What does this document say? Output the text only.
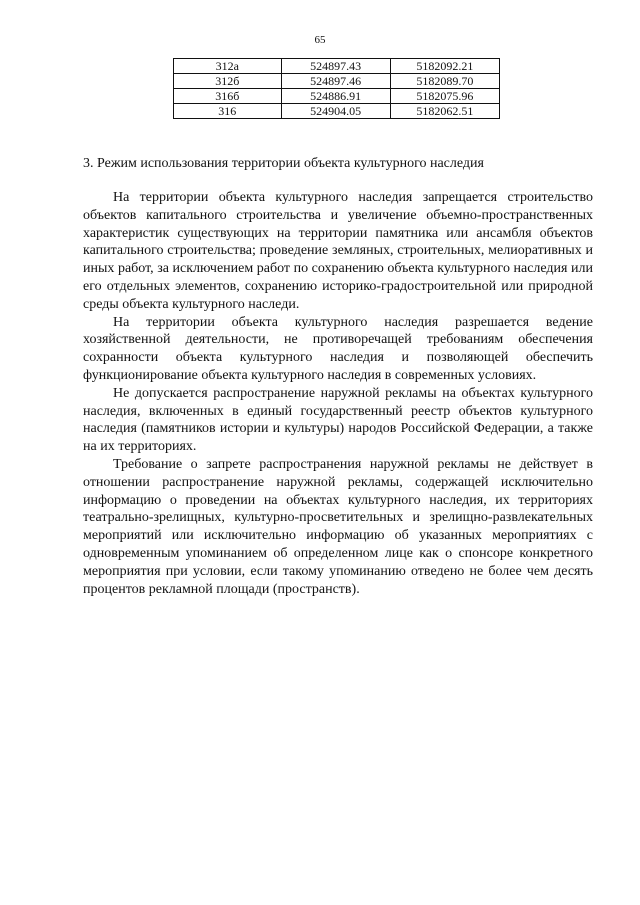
65
312а	524897.43	5182092.21
312б	524897.46	5182089.70
316б	524886.91	5182075.96
316	524904.05	5182062.51
3. Режим использования территории объекта культурного наследия

На территории объекта культурного наследия запрещается строительство объектов капитального строительства и увеличение объемно-пространственных характеристик существующих на территории памятника или ансамбля объектов капитального строительства; проведение земляных, строительных, мелиоративных и иных работ, за исключением работ по сохранению объекта культурного наследия или его отдельных элементов, сохранению историко-градостроительной или природной среды объекта культурного наследи.

На территории объекта культурного наследия разрешается ведение хозяйственной деятельности, не противоречащей требованиям обеспечения сохранности объекта культурного наследия и позволяющей обеспечить функционирование объекта культурного наследия в современных условиях.

Не допускается распространение наружной рекламы на объектах культурного наследия, включенных в единый государственный реестр объектов культурного наследия (памятников истории и культуры) народов Российской Федерации, а также на их территориях.

Требование о запрете распространения наружной рекламы не действует в отношении распространение наружной рекламы, содержащей исключительно информацию о проведении на объектах культурного наследия, их территориях театрально-зрелищных, культурно-просветительных и зрелищно-развлекательных мероприятий или исключительно информацию об указанных мероприятиях с одновременным упоминанием об определенном лице как о спонсоре конкретного мероприятия при условии, если такому упоминанию отведено не более чем десять процентов рекламной площади (пространств).
